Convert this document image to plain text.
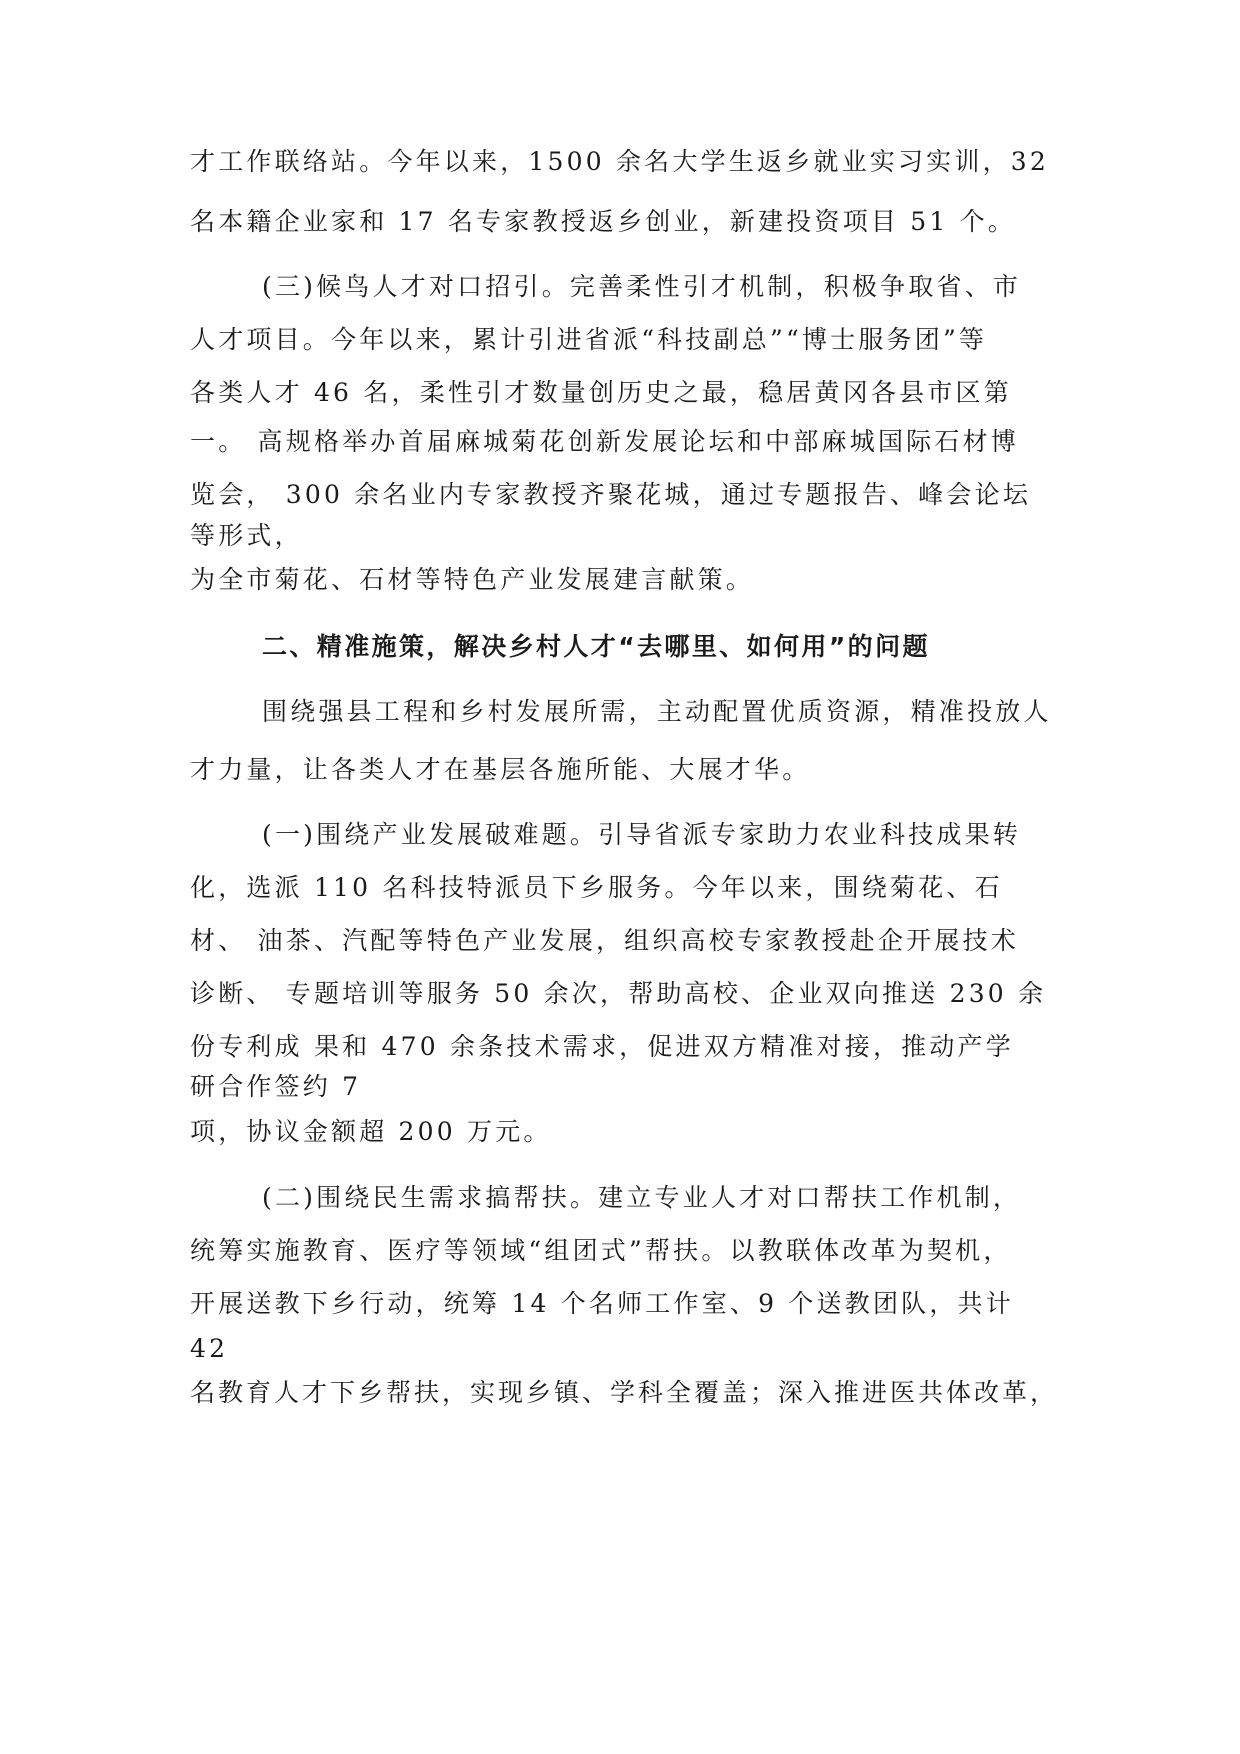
才工作联络站。今年以来，1500 余名大学生返乡就业实习实训，32
名本籍企业家和 17 名专家教授返乡创业，新建投资项目 51 个。
(三)候鸟人才对口招引。完善柔性引才机制，积极争取省、市
人才项目。今年以来，累计引进省派“科技副总”“博士服务团”等
各类人才 46 名，柔性引才数量创历史之最，稳居黄冈各县市区第
一。 高规格举办首届麻城菊花创新发展论坛和中部麻城国际石材博
览会， 300 余名业内专家教授齐聚花城，通过专题报告、峰会论坛
等形式，
为全市菊花、石材等特色产业发展建言献策。
二、精准施策，解决乡村人才“去哪里、如何用”的问题
围绕强县工程和乡村发展所需，主动配置优质资源，精准投放人
才力量，让各类人才在基层各施所能、大展才华。
(一)围绕产业发展破难题。引导省派专家助力农业科技成果转
化，选派 110 名科技特派员下乡服务。今年以来，围绕菊花、石
材、 油茶、汽配等特色产业发展，组织高校专家教授赴企开展技术
诊断、 专题培训等服务 50 余次，帮助高校、企业双向推送 230 余
份专利成 果和 470 余条技术需求，促进双方精准对接，推动产学
研合作签约 7
项，协议金额超 200 万元。
(二)围绕民生需求搞帮扶。建立专业人才对口帮扶工作机制，
统筹实施教育、医疗等领域“组团式”帮扶。以教联体改革为契机，
开展送教下乡行动，统筹 14 个名师工作室、9 个送教团队，共计
42
名教育人才下乡帮扶，实现乡镇、学科全覆盖；深入推进医共体改革，
